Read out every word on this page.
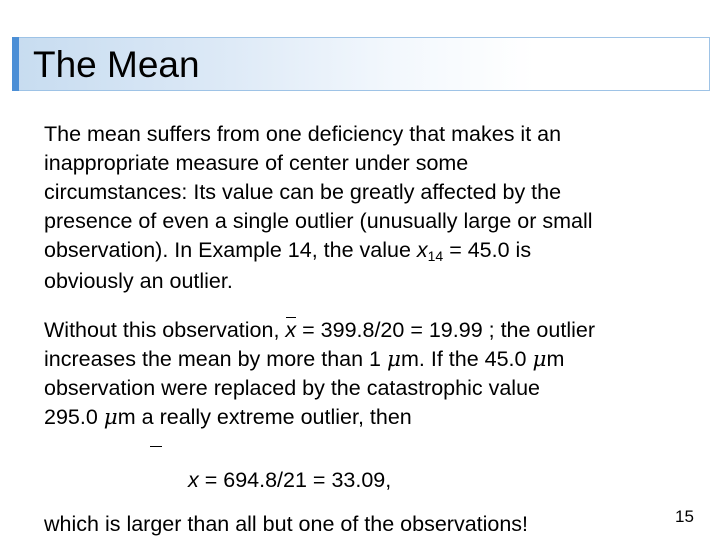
The Mean
The mean suffers from one deficiency that makes it an
inappropriate measure of center under some
circumstances: Its value can be greatly affected by the
presence of even a single outlier (unusually large or small
observation). In Example 14, the value x14 = 45.0 is
obviously an outlier.
Without this observation, x = 399.8/20 = 19.99 ; the outlier
increases the mean by more than 1 μm. If the 45.0 μm
observation were replaced by the catastrophic value
295.0 μm a really extreme outlier, then
x = 694.8/21 = 33.09,
which is larger than all but one of the observations!	15
